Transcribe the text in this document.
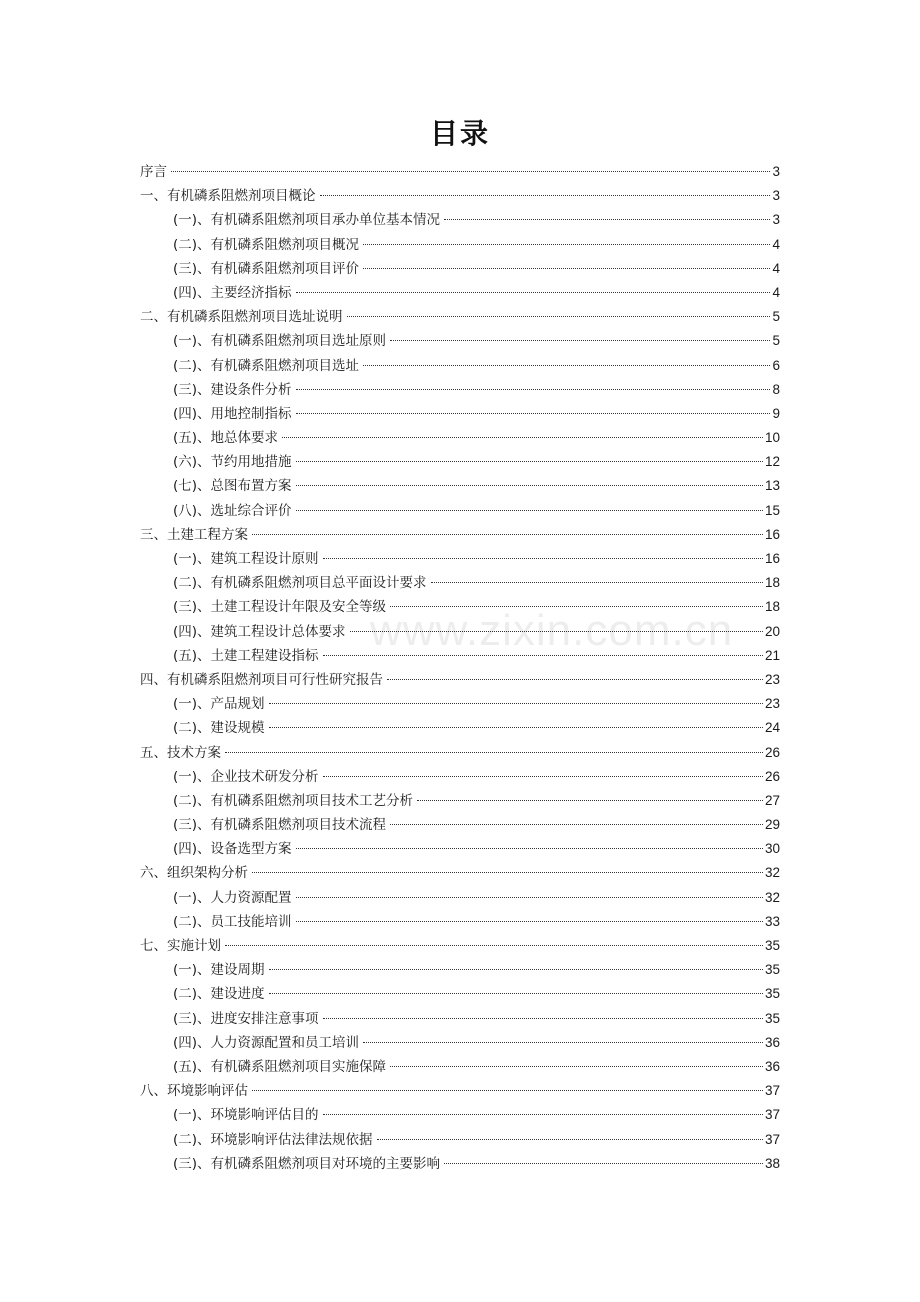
目录
序言	3
一、有机磷系阻燃剂项目概论	3
(一)、有机磷系阻燃剂项目承办单位基本情况	3
(二)、有机磷系阻燃剂项目概况	4
(三)、有机磷系阻燃剂项目评价	4
(四)、主要经济指标	4
二、有机磷系阻燃剂项目选址说明	5
(一)、有机磷系阻燃剂项目选址原则	5
(二)、有机磷系阻燃剂项目选址	6
(三)、建设条件分析	8
(四)、用地控制指标	9
(五)、地总体要求	10
(六)、节约用地措施	12
(七)、总图布置方案	13
(八)、选址综合评价	15
三、土建工程方案	16
(一)、建筑工程设计原则	16
(二)、有机磷系阻燃剂项目总平面设计要求	18
(三)、土建工程设计年限及安全等级	18
(四)、建筑工程设计总体要求	20
(五)、土建工程建设指标	21
四、有机磷系阻燃剂项目可行性研究报告	23
(一)、产品规划	23
(二)、建设规模	24
五、技术方案	26
(一)、企业技术研发分析	26
(二)、有机磷系阻燃剂项目技术工艺分析	27
(三)、有机磷系阻燃剂项目技术流程	29
(四)、设备选型方案	30
六、组织架构分析	32
(一)、人力资源配置	32
(二)、员工技能培训	33
七、实施计划	35
(一)、建设周期	35
(二)、建设进度	35
(三)、进度安排注意事项	35
(四)、人力资源配置和员工培训	36
(五)、有机磷系阻燃剂项目实施保障	36
八、环境影响评估	37
(一)、环境影响评估目的	37
(二)、环境影响评估法律法规依据	37
(三)、有机磷系阻燃剂项目对环境的主要影响	38
www.zixin.com.cn
